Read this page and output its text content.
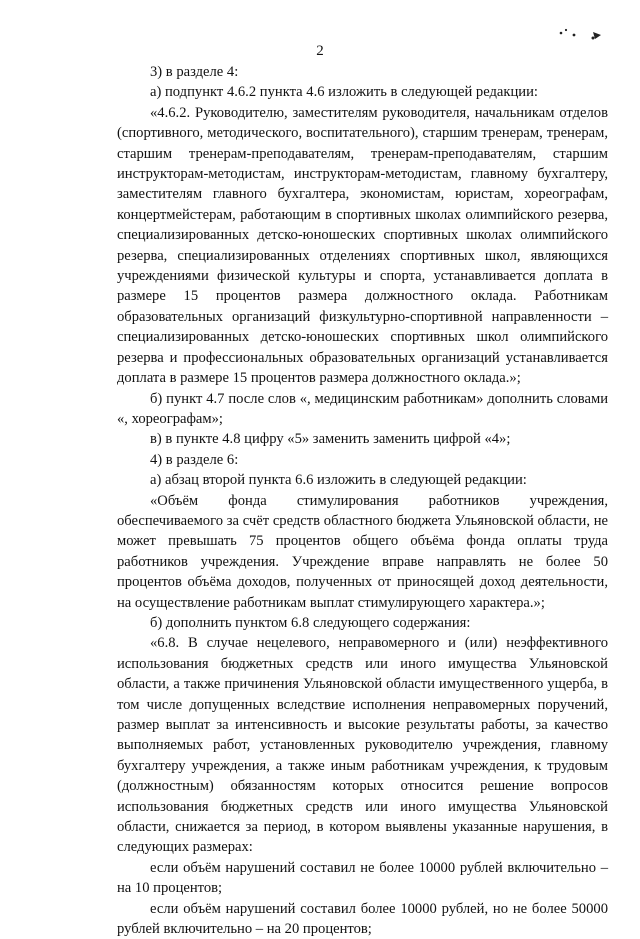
2

3) в разделе 4:

а) подпункт 4.6.2 пункта 4.6 изложить в следующей редакции:

«4.6.2. Руководителю, заместителям руководителя, начальникам отделов (спортивного, методического, воспитательного), старшим тренерам, тренерам, старшим тренерам-преподавателям, тренерам-преподавателям, старшим инструкторам-методистам, инструкторам-методистам, главному бухгалтеру, заместителям главного бухгалтера, экономистам, юристам, хореографам, концертмейстерам, работающим в спортивных школах олимпийского резерва, специализированных детско-юношеских спортивных школах олимпийского резерва, специализированных отделениях спортивных школ, являющихся учреждениями физической культуры и спорта, устанавливается доплата в размере 15 процентов размера должностного оклада. Работникам образовательных организаций физкультурно-спортивной направленности – специализированных детско-юношеских спортивных школ олимпийского резерва и профессиональных образовательных организаций устанавливается доплата в размере 15 процентов размера должностного оклада.»;

б) пункт 4.7 после слов «, медицинским работникам» дополнить словами «, хореографам»;

в) в пункте 4.8 цифру «5» заменить заменить цифрой «4»;

4) в разделе 6:

а) абзац второй пункта 6.6 изложить в следующей редакции:

«Объём фонда стимулирования работников учреждения, обеспечиваемого за счёт средств областного бюджета Ульяновской области, не может превышать 75 процентов общего объёма фонда оплаты труда работников учреждения. Учреждение вправе направлять не более 50 процентов объёма доходов, полученных от приносящей доход деятельности, на осуществление работникам выплат стимулирующего характера.»;

б) дополнить пунктом 6.8 следующего содержания:

«6.8. В случае нецелевого, неправомерного и (или) неэффективного использования бюджетных средств или иного имущества Ульяновской области, а также причинения Ульяновской области имущественного ущерба, в том числе допущенных вследствие исполнения неправомерных поручений, размер выплат за интенсивность и высокие результаты работы, за качество выполняемых работ, установленных руководителю учреждения, главному бухгалтеру учреждения, а также иным работникам учреждения, к трудовым (должностным) обязанностям которых относится решение вопросов использования бюджетных средств или иного имущества Ульяновской области, снижается за период, в котором выявлены указанные нарушения, в следующих размерах:

если объём нарушений составил не более 10000 рублей включительно – на 10 процентов;

если объём нарушений составил более 10000 рублей, но не более 50000 рублей включительно – на 20 процентов;
